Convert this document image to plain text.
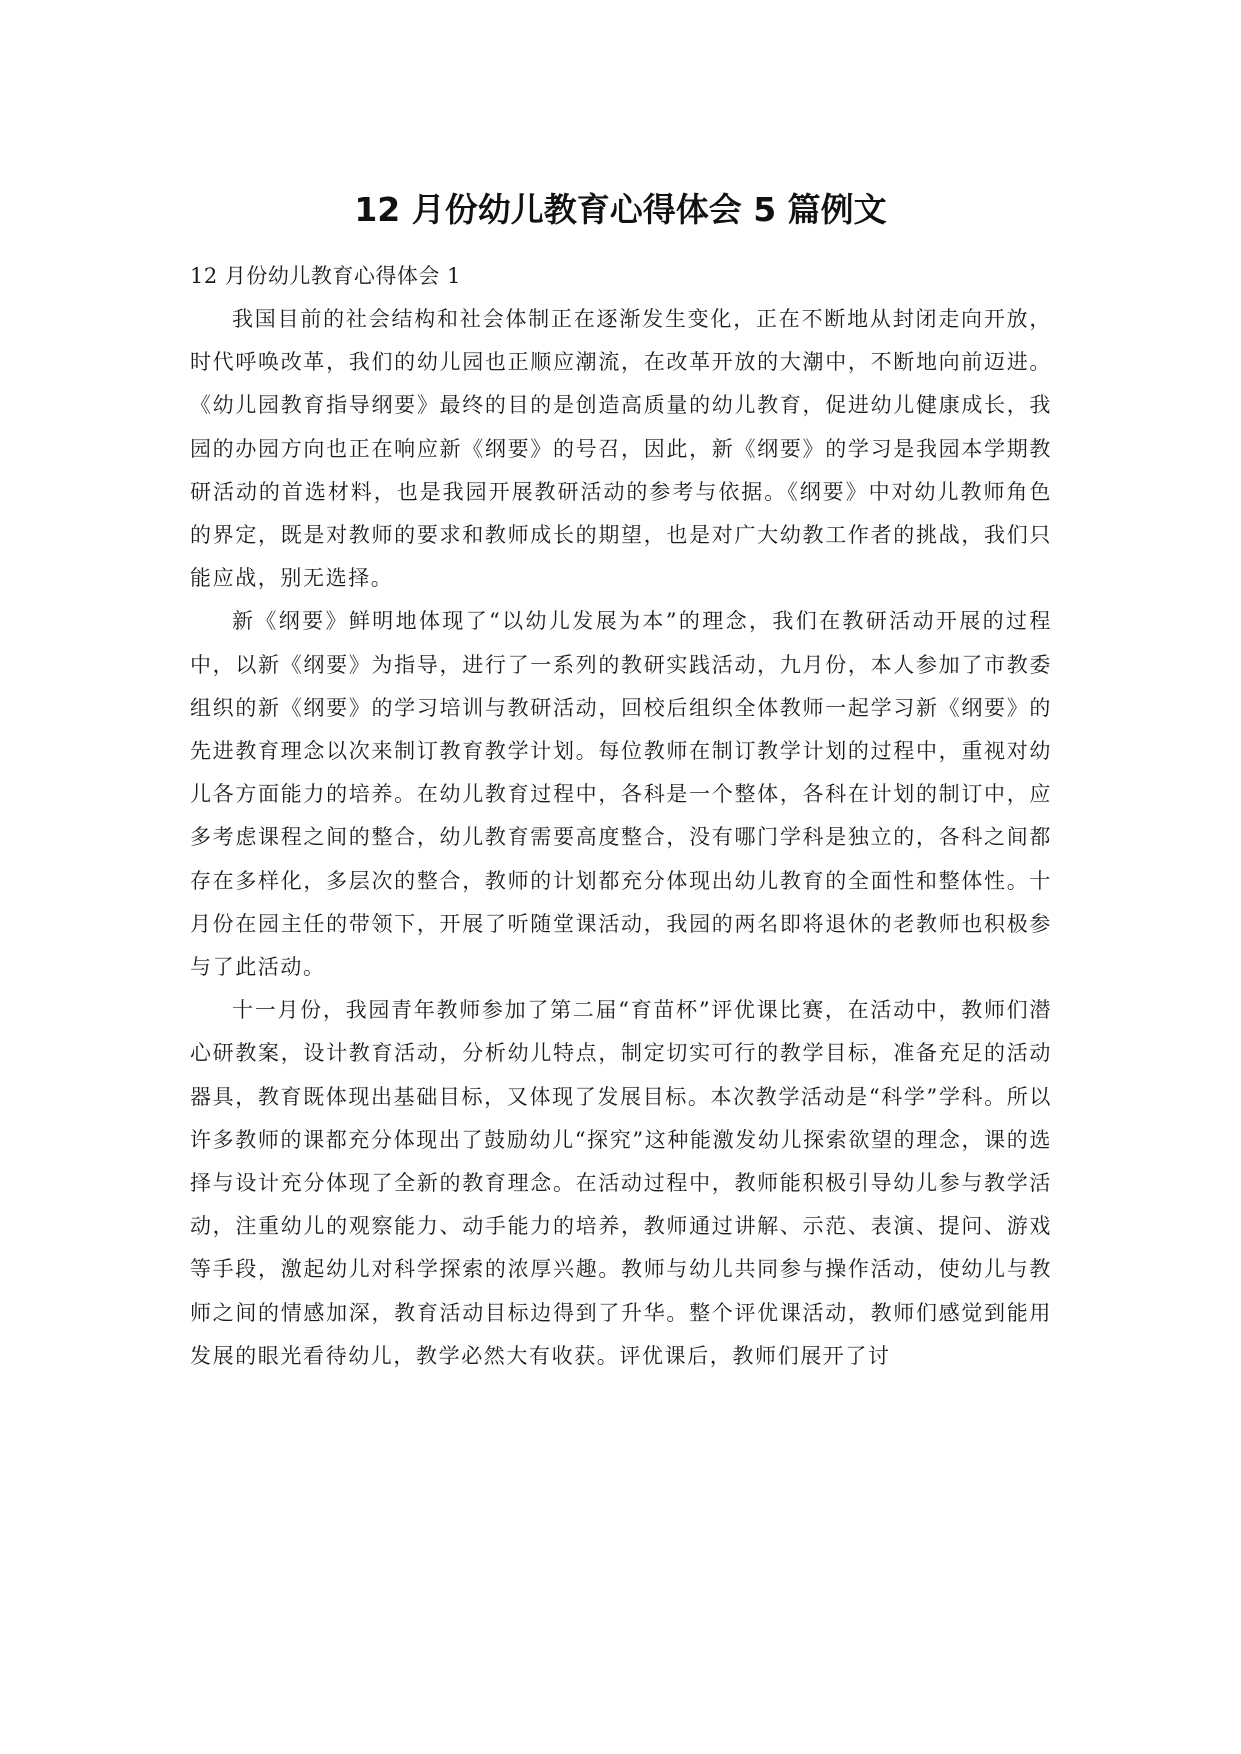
12 月份幼儿教育心得体会 5 篇例文

12 月份幼儿教育心得体会 1

我国目前的社会结构和社会体制正在逐渐发生变化，正在不断地从封闭走向开放，时代呼唤改革，我们的幼儿园也正顺应潮流，在改革开放的大潮中，不断地向前迈进。《幼儿园教育指导纲要》最终的目的是创造高质量的幼儿教育，促进幼儿健康成长，我园的办园方向也正在响应新《纲要》的号召，因此，新《纲要》的学习是我园本学期教研活动的首选材料，也是我园开展教研活动的参考与依据。《纲要》中对幼儿教师角色的界定，既是对教师的要求和教师成长的期望，也是对广大幼教工作者的挑战，我们只能应战，别无选择。

新《纲要》鲜明地体现了“以幼儿发展为本”的理念，我们在教研活动开展的过程中，以新《纲要》为指导，进行了一系列的教研实践活动，九月份，本人参加了市教委组织的新《纲要》的学习培训与教研活动，回校后组织全体教师一起学习新《纲要》的先进教育理念以次来制订教育教学计划。每位教师在制订教学计划的过程中，重视对幼儿各方面能力的培养。在幼儿教育过程中，各科是一个整体，各科在计划的制订中，应多考虑课程之间的整合，幼儿教育需要高度整合，没有哪门学科是独立的，各科之间都存在多样化，多层次的整合，教师的计划都充分体现出幼儿教育的全面性和整体性。十月份在园主任的带领下，开展了听随堂课活动，我园的两名即将退休的老教师也积极参与了此活动。

十一月份，我园青年教师参加了第二届“育苗杯”评优课比赛，在活动中，教师们潜心研教案，设计教育活动，分析幼儿特点，制定切实可行的教学目标，准备充足的活动器具，教育既体现出基础目标，又体现了发展目标。本次教学活动是“科学”学科。所以许多教师的课都充分体现出了鼓励幼儿“探究”这种能激发幼儿探索欲望的理念，课的选择与设计充分体现了全新的教育理念。在活动过程中，教师能积极引导幼儿参与教学活动，注重幼儿的观察能力、动手能力的培养，教师通过讲解、示范、表演、提问、游戏等手段，激起幼儿对科学探索的浓厚兴趣。教师与幼儿共同参与操作活动，使幼儿与教师之间的情感加深，教育活动目标边得到了升华。整个评优课活动，教师们感觉到能用发展的眼光看待幼儿，教学必然大有收获。评优课后，教师们展开了讨
